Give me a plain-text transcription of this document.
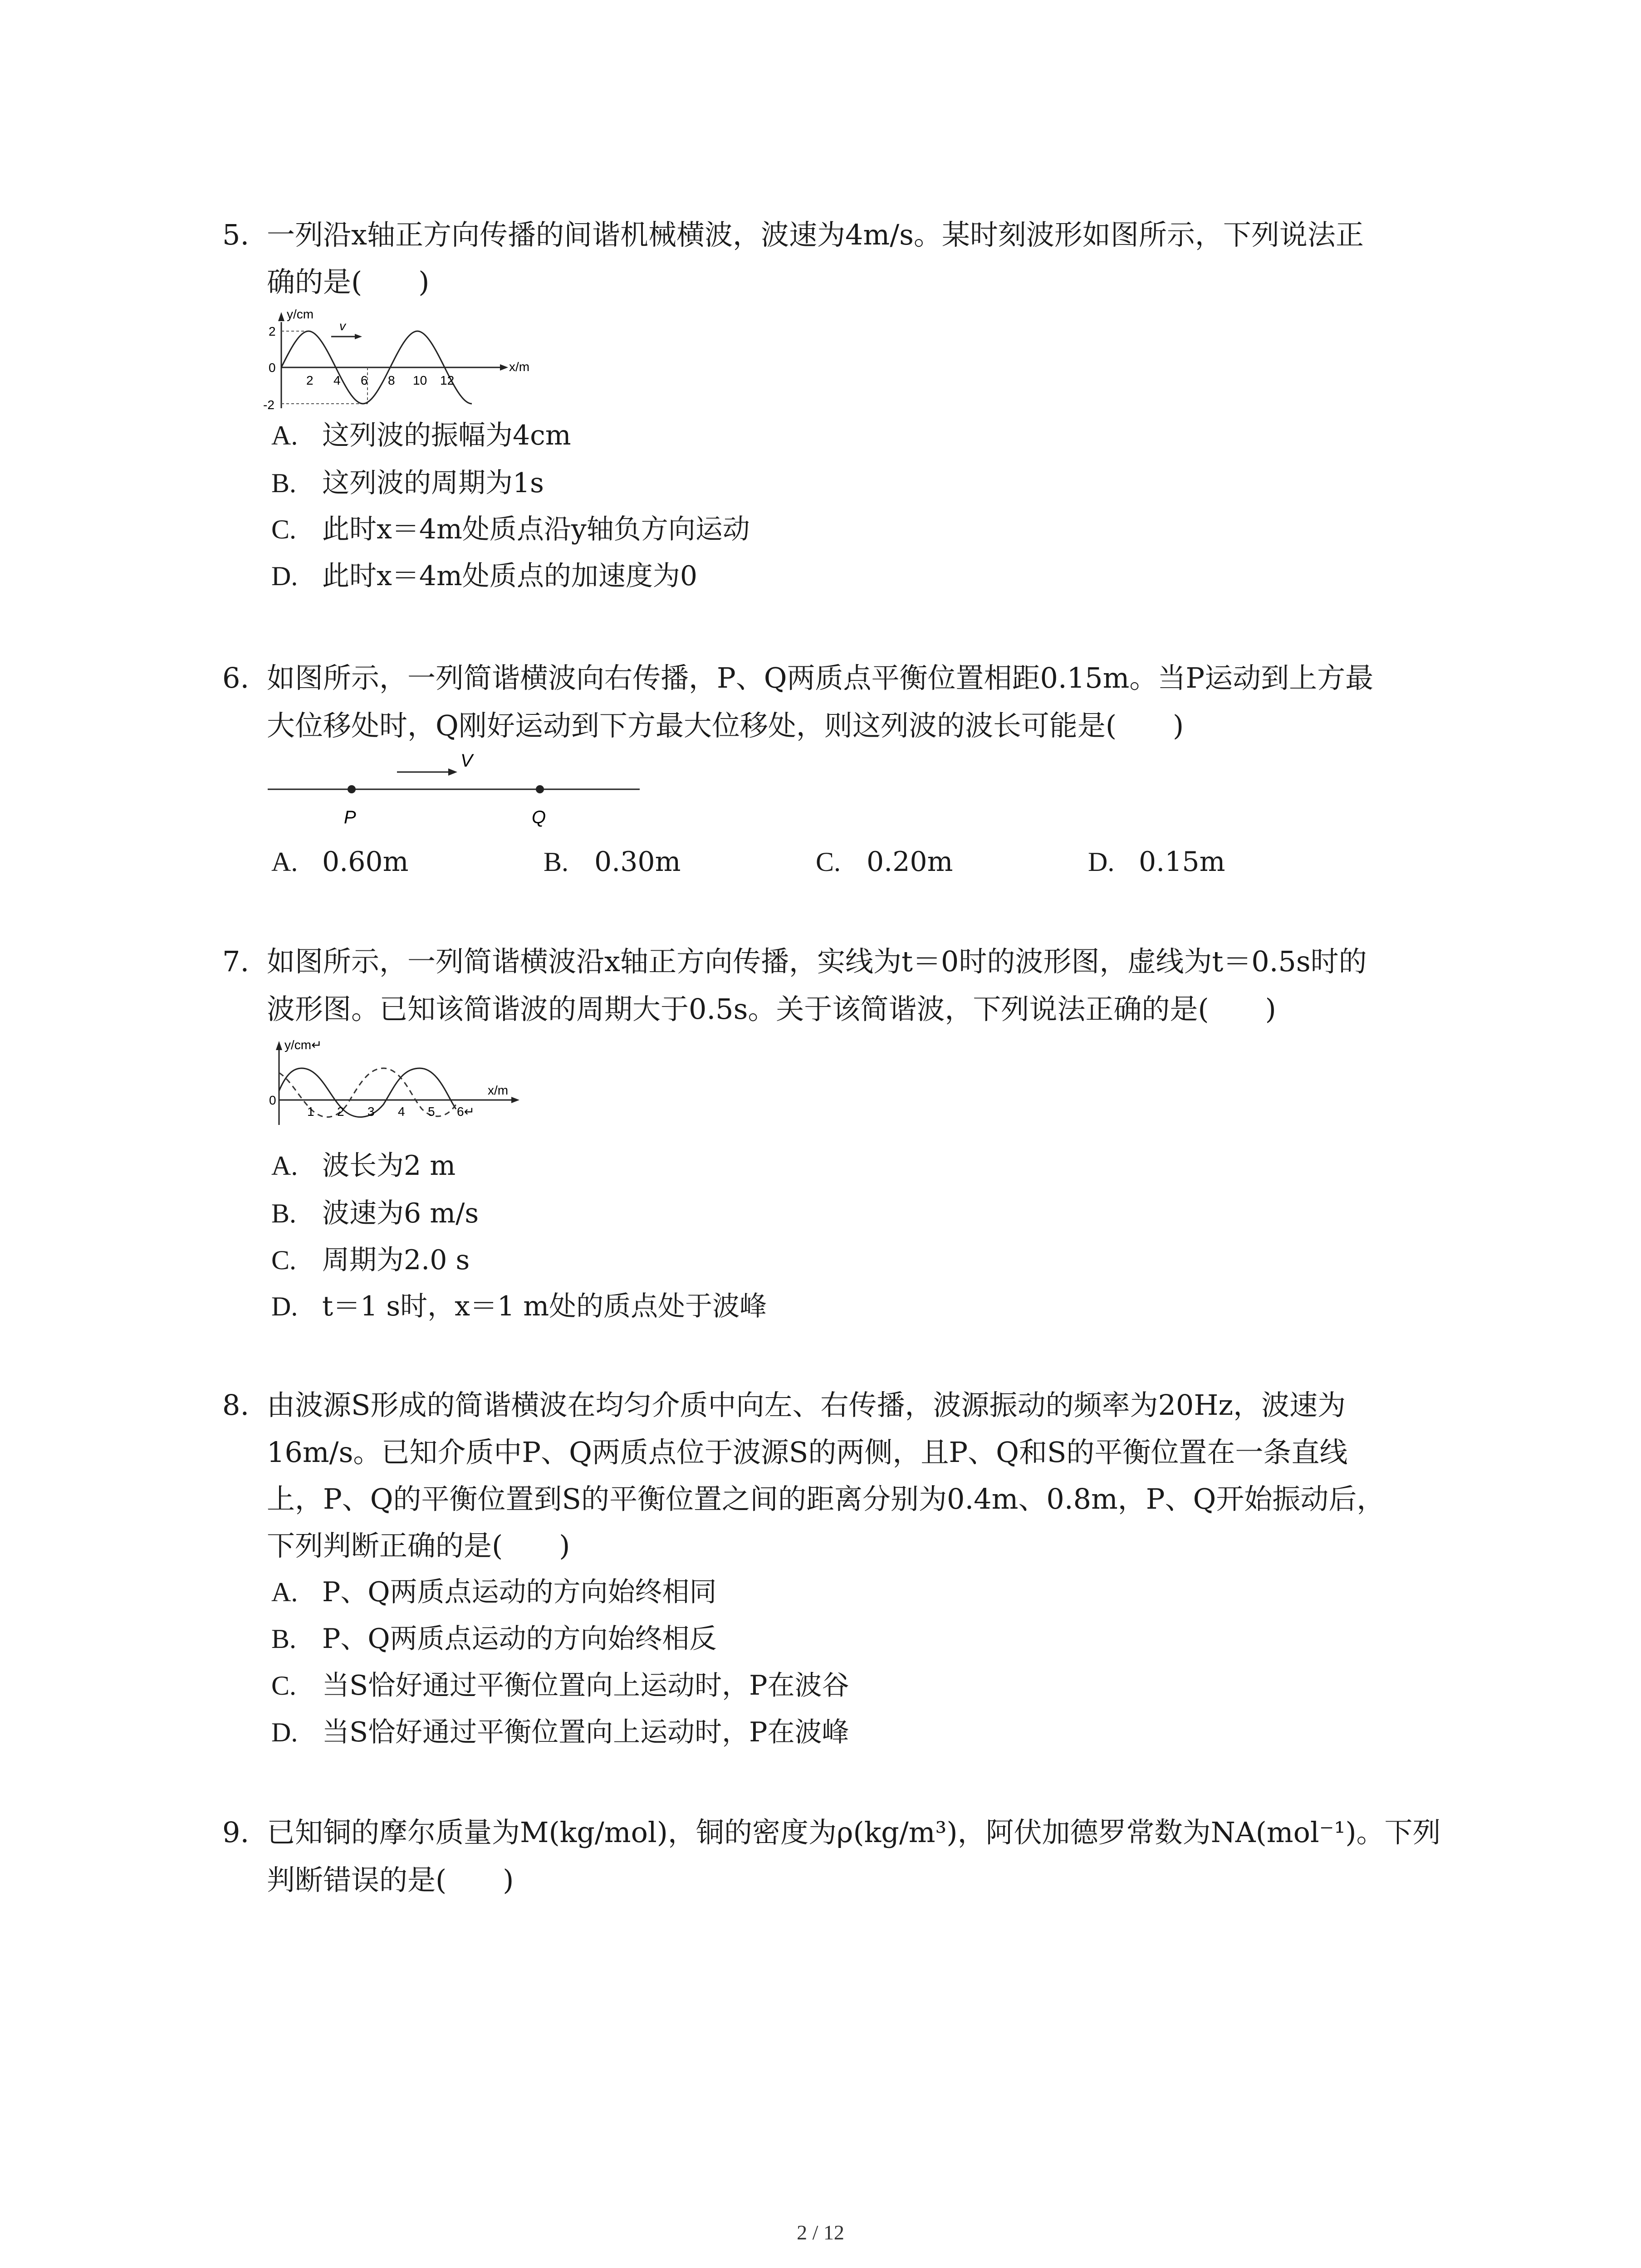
5. 一列沿x轴正方向传播的间谐机械横波，波速为4m/s。某时刻波形如图所示，下列说法正
确的是(　　)
v
y/cm
x/m
2
0
-2
2 4 6 8 10 12
A. 这列波的振幅为4cm
B. 这列波的周期为1s
C. 此时x＝4m处质点沿y轴负方向运动
D. 此时x＝4m处质点的加速度为0
6. 如图所示，一列简谐横波向右传播，P、Q两质点平衡位置相距0.15m。当P运动到上方最
大位移处时，Q刚好运动到下方最大位移处，则这列波的波长可能是(　　)
V
P	Q
A. 0.60m	B. 0.30m	C. 0.20m	D. 0.15m
7. 如图所示，一列简谐横波沿x轴正方向传播，实线为t＝0时的波形图，虚线为t＝0.5s时的
波形图。已知该简谐波的周期大于0.5s。关于该简谐波，下列说法正确的是(　　)
y/cm↵
x/m
0
1 2 3 4 5 6↵
A. 波长为2 m
B. 波速为6 m/s
C. 周期为2.0 s
D. t＝1 s时，x＝1 m处的质点处于波峰
8. 由波源S形成的简谐横波在均匀介质中向左、右传播，波源振动的频率为20Hz，波速为
16m/s。已知介质中P、Q两质点位于波源S的两侧，且P、Q和S的平衡位置在一条直线
上，P、Q的平衡位置到S的平衡位置之间的距离分别为0.4m、0.8m，P、Q开始振动后，
下列判断正确的是(　　)
A. P、Q两质点运动的方向始终相同
B. P、Q两质点运动的方向始终相反
C. 当S恰好通过平衡位置向上运动时，P在波谷
D. 当S恰好通过平衡位置向上运动时，P在波峰
9. 已知铜的摩尔质量为M(kg/mol)，铜的密度为ρ(kg/m³)，阿伏加德罗常数为NA(mol⁻¹)。下列
判断错误的是(　　)
2 / 12
